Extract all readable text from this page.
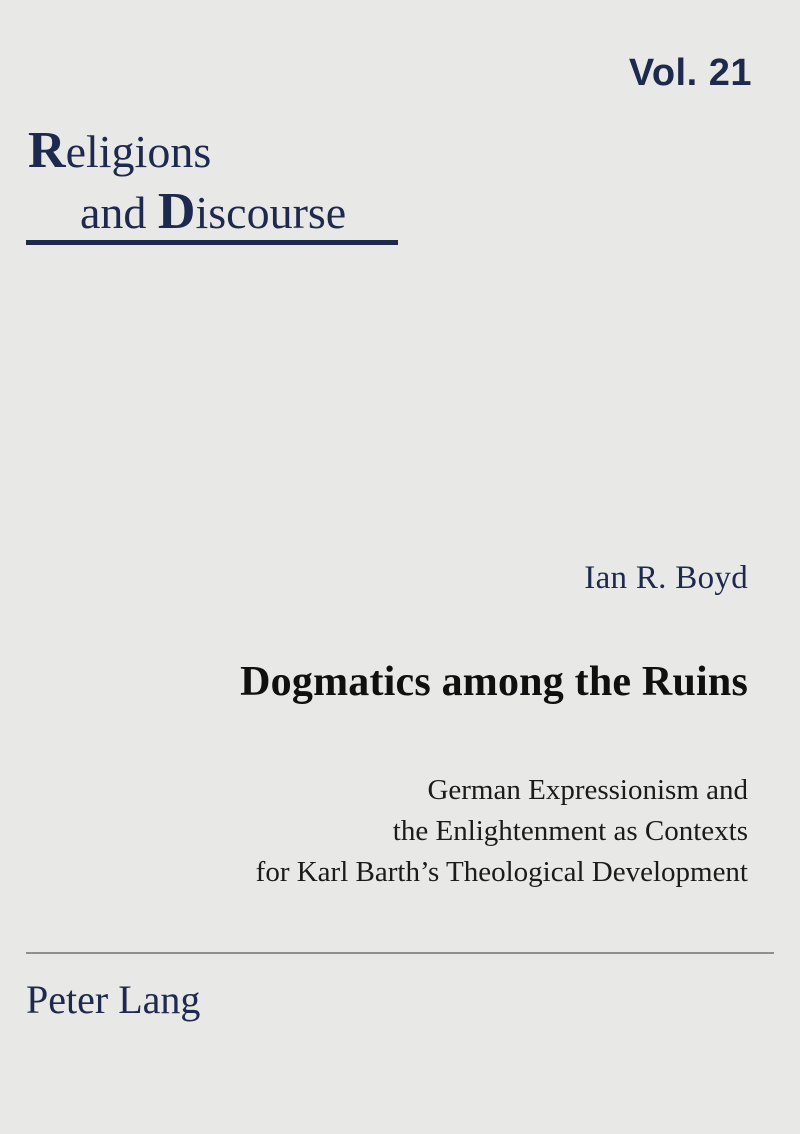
Vol. 21
Religions
and Discourse
Ian R. Boyd
Dogmatics among the Ruins
German Expressionism and
the Enlightenment as Contexts
for Karl Barth’s Theological Development
Peter Lang
